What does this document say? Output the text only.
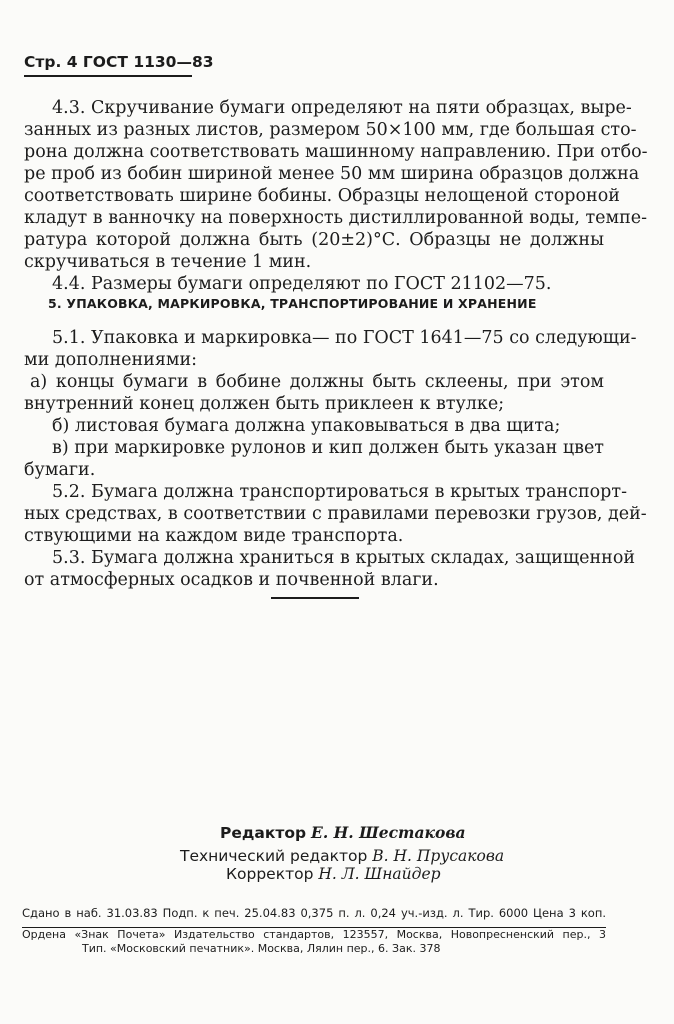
Стр. 4 ГОСТ 1130—83
4.3. Скручивание бумаги определяют на пяти образцах, выре-
занных из разных листов, размером 50×100 мм, где большая сто-
рона должна соответствовать машинному направлению. При отбо-
ре проб из бобин шириной менее 50 мм ширина образцов должна
соответствовать ширине бобины. Образцы нелощеной стороной
кладут в ванночку на поверхность дистиллированной воды, темпе-
ратура которой должна быть (20±2)°С. Образцы не должны
скручиваться в течение 1 мин.
4.4. Размеры бумаги определяют по ГОСТ 21102—75.
5. УПАКОВКА, МАРКИРОВКА, ТРАНСПОРТИРОВАНИЕ И ХРАНЕНИЕ
5.1. Упаковка и маркировка— по ГОСТ 1641—75 со следующи-
ми дополнениями:
а) концы бумаги в бобине должны быть склеены, при этом
внутренний конец должен быть приклеен к втулке;
б) листовая бумага должна упаковываться в два щита;
в) при маркировке рулонов и кип должен быть указан цвет
бумаги.
5.2. Бумага должна транспортироваться в крытых транспорт-
ных средствах, в соответствии с правилами перевозки грузов, дей-
ствующими на каждом виде транспорта.
5.3. Бумага должна храниться в крытых складах, защищенной
от атмосферных осадков и почвенной влаги.
Редактор Е. Н. Шестакова
Технический редактор В. Н. Прусакова
Корректор Н. Л. Шнайдер
Сдано в наб. 31.03.83 Подп. к печ. 25.04.83 0,375 п. л. 0,24 уч.-изд. л. Тир. 6000 Цена 3 коп.
Ордена «Знак Почета» Издательство стандартов, 123557, Москва, Новопресненский пер., 3
Тип. «Московский печатник». Москва, Лялин пер., 6. Зак. 378
